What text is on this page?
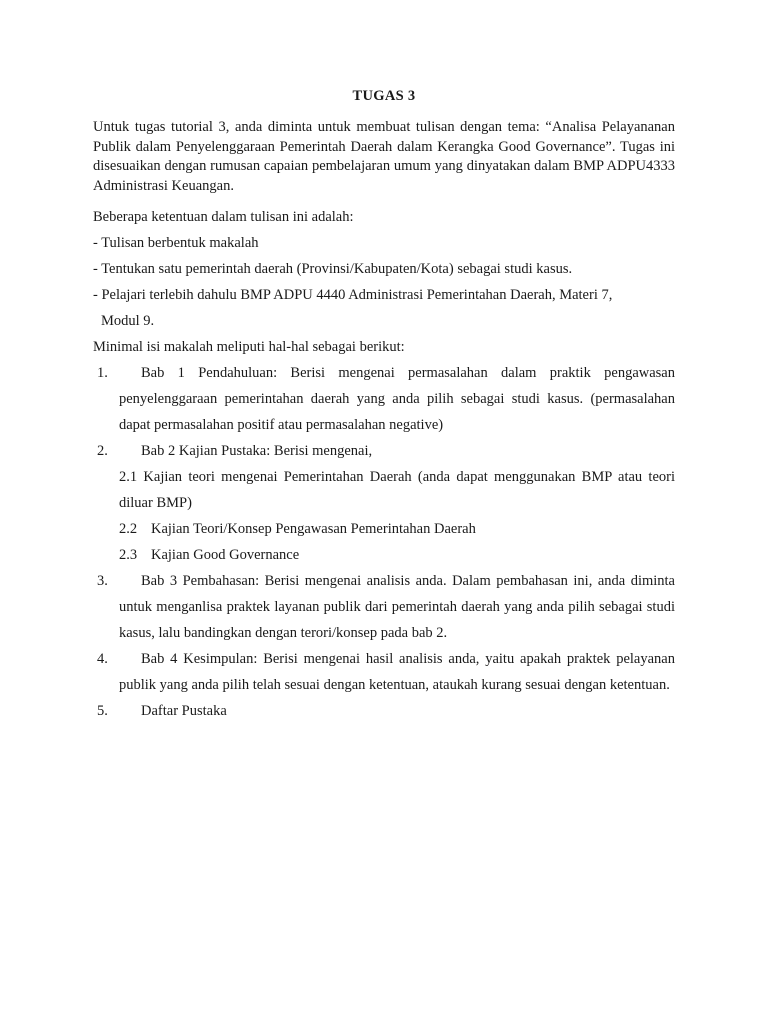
TUGAS 3

Untuk tugas tutorial 3, anda diminta untuk membuat tulisan dengan tema: “Analisa Pelayananan Publik dalam Penyelenggaraan Pemerintah Daerah dalam Kerangka Good Governance”. Tugas ini disesuaikan dengan rumusan capaian pembelajaran umum yang dinyatakan dalam BMP ADPU4333 Administrasi Keuangan.

Beberapa ketentuan dalam tulisan ini adalah:

- Tulisan berbentuk makalah

- Tentukan satu pemerintah daerah (Provinsi/Kabupaten/Kota) sebagai studi kasus.

- Pelajari terlebih dahulu BMP ADPU 4440 Administrasi Pemerintahan Daerah, Materi 7,

Modul 9.

Minimal isi makalah meliputi hal-hal sebagai berikut:

1. Bab 1 Pendahuluan: Berisi mengenai permasalahan dalam praktik pengawasan penyelenggaraan pemerintahan daerah yang anda pilih sebagai studi kasus. (permasalahan dapat permasalahan positif atau permasalahan negative)
2. Bab 2 Kajian Pustaka: Berisi mengenai,

2.1 Kajian teori mengenai Pemerintahan Daerah (anda dapat menggunakan BMP atau teori diluar BMP)

2.2 Kajian Teori/Konsep Pengawasan Pemerintahan Daerah

2.3 Kajian Good Governance

3. Bab 3 Pembahasan: Berisi mengenai analisis anda. Dalam pembahasan ini, anda diminta untuk menganlisa praktek layanan publik dari pemerintah daerah yang anda pilih sebagai studi kasus, lalu bandingkan dengan terori/konsep pada bab 2.
4. Bab 4 Kesimpulan: Berisi mengenai hasil analisis anda, yaitu apakah praktek pelayanan publik yang anda pilih telah sesuai dengan ketentuan, ataukah kurang sesuai dengan ketentuan.
5. Daftar Pustaka
